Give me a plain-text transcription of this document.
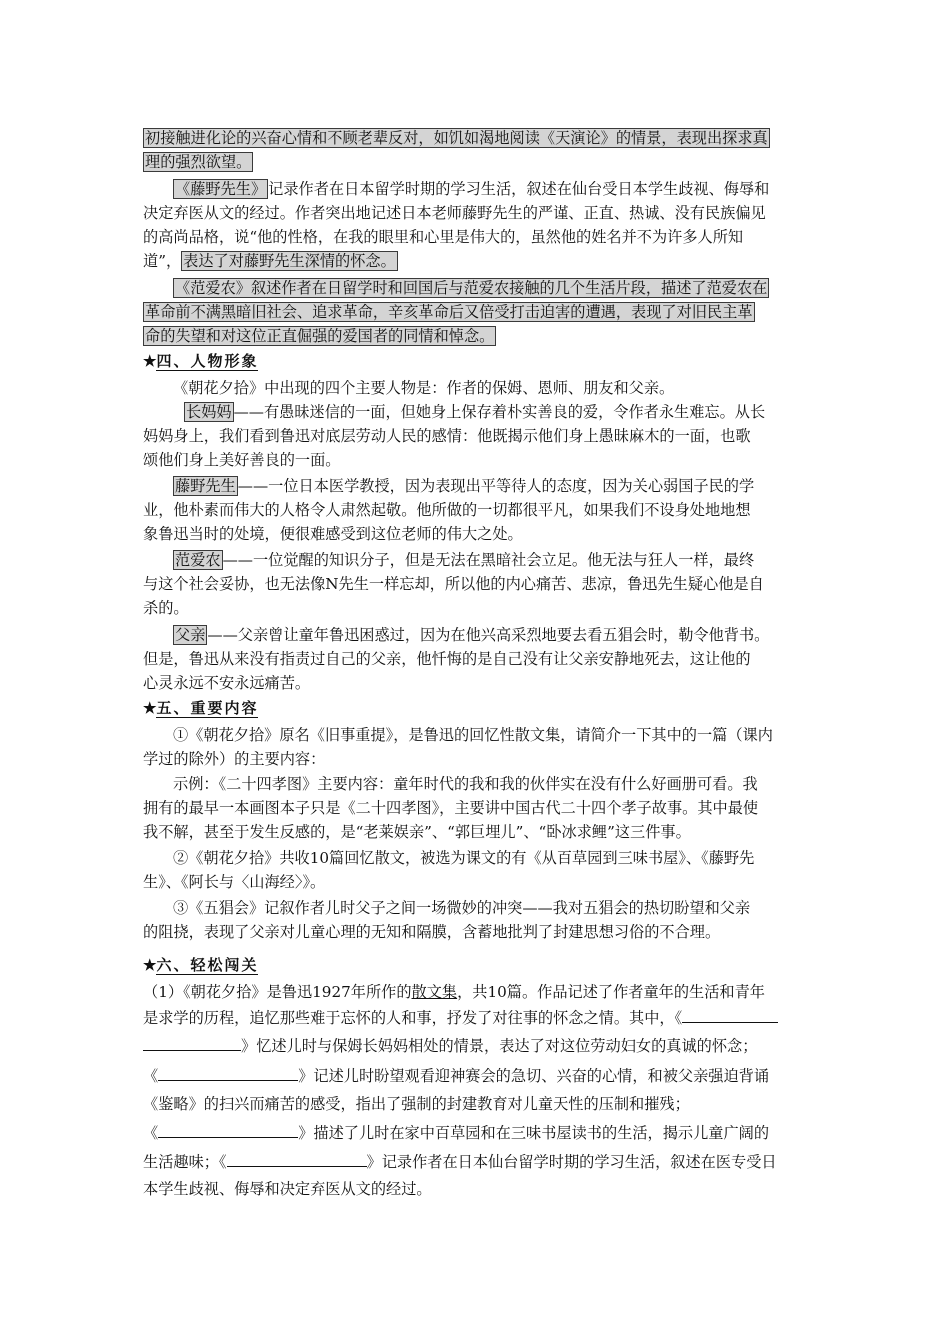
初接触进化论的兴奋心情和不顾老辈反对，如饥如渴地阅读《天演论》的情景，表现出探求真
理的强烈欲望。
《藤野先生》 记录作者在日本留学时期的学习生活，叙述在仙台受日本学生歧视、侮辱和
决定弃医从文的经过。作者突出地记述日本老师藤野先生的严谨、正直、热诚、没有民族偏见
的高尚品格，说“他的性格，在我的眼里和心里是伟大的，虽然他的姓名并不为许多人所知
道”， 表达了对藤野先生深情的怀念。
《范爱农》叙述作者在日留学时和回国后与范爱农接触的几个生活片段，描述了范爱农在
革命前不满黑暗旧社会、追求革命，辛亥革命后又倍受打击迫害的遭遇，表现了对旧民主革
命的失望和对这位正直倔强的爱国者的同情和悼念。
★四、人物形象
《朝花夕拾》中出现的四个主要人物是：作者的保姆、恩师、朋友和父亲。
长妈妈 ——有愚昧迷信的一面，但她身上保存着朴实善良的爱，令作者永生难忘。从长
妈妈身上，我们看到鲁迅对底层劳动人民的感情：他既揭示他们身上愚昧麻木的一面，也歌
颂他们身上美好善良的一面。
藤野先生 ——一位日本医学教授，因为表现出平等待人的态度，因为关心弱国子民的学
业，他朴素而伟大的人格令人肃然起敬。他所做的一切都很平凡，如果我们不设身处地地想
象鲁迅当时的处境，便很难感受到这位老师的伟大之处。
范爱农 ——一位觉醒的知识分子，但是无法在黑暗社会立足。他无法与狂人一样，最终
与这个社会妥协，也无法像N先生一样忘却，所以他的内心痛苦、悲凉，鲁迅先生疑心他是自
杀的。
父亲 ——父亲曾让童年鲁迅困惑过，因为在他兴高采烈地要去看五猖会时，勒令他背书。
但是，鲁迅从来没有指责过自己的父亲，他忏悔的是自己没有让父亲安静地死去，这让他的
心灵永远不安永远痛苦。
★五、重要内容
①《朝花夕拾》原名《旧事重提》，是鲁迅的回忆性散文集，请简介一下其中的一篇（课内
学过的除外）的主要内容：
示例：《二十四孝图》主要内容：童年时代的我和我的伙伴实在没有什么好画册可看。我
拥有的最早一本画图本子只是《二十四孝图》，主要讲中国古代二十四个孝子故事。其中最使
我不解，甚至于发生反感的，是“老莱娱亲”、“郭巨埋儿”、“卧冰求鲤”这三件事。
②《朝花夕拾》共收10篇回忆散文，被选为课文的有《从百草园到三味书屋》、《藤野先
生》、《阿长与〈山海经〉》。
③《五猖会》记叙作者儿时父子之间一场微妙的冲突——我对五猖会的热切盼望和父亲
的阻挠，表现了父亲对儿童心理的无知和隔膜，含蓄地批判了封建思想习俗的不合理。
★六、轻松闯关
（1）《朝花夕拾》是鲁迅1927年所作的散文集，共10篇。作品记述了作者童年的生活和青年
是求学的历程，追忆那些难于忘怀的人和事，抒发了对往事的怀念之情。其中，《
》忆述儿时与保姆长妈妈相处的情景，表达了对这位劳动妇女的真诚的怀念；
《	》记述儿时盼望观看迎神赛会的急切、兴奋的心情，和被父亲强迫背诵
《鉴略》的扫兴而痛苦的感受，指出了强制的封建教育对儿童天性的压制和摧残；
《	》描述了儿时在家中百草园和在三味书屋读书的生活，揭示儿童广阔的
生活趣味；《	》记录作者在日本仙台留学时期的学习生活，叙述在医专受日
本学生歧视、侮辱和决定弃医从文的经过。
